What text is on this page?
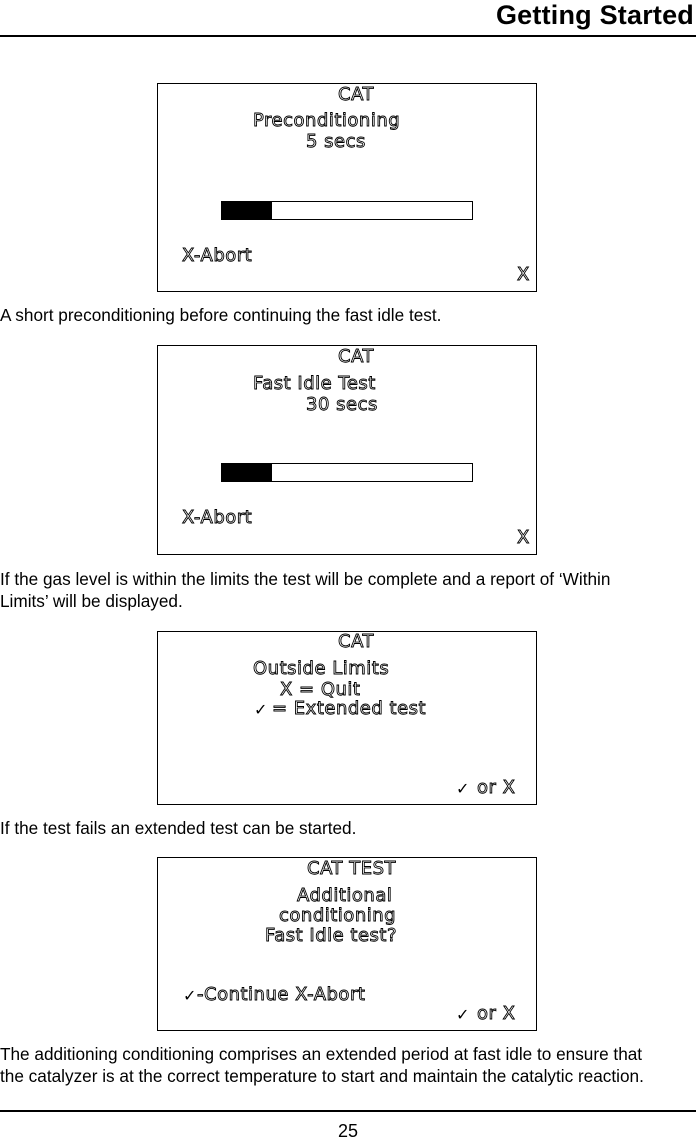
Getting Started
CAT
Preconditioning
5 secs
X-Abort
X
A short preconditioning before continuing the fast idle test.
CAT
Fast Idle Test
30 secs
X-Abort
X
If the gas level is within the limits the test will be complete and a report of ‘Within
Limits’ will be displayed.
CAT
Outside Limits
X = Quit
✓ = Extended test
✓ or X
If the test fails an extended test can be started.
CAT TEST
Additional
conditioning
Fast Idle test?
✓ -Continue X-Abort
✓ or X
The additioning conditioning comprises an extended period at fast idle to ensure that
the catalyzer is at the correct temperature to start and maintain the catalytic reaction.
25
